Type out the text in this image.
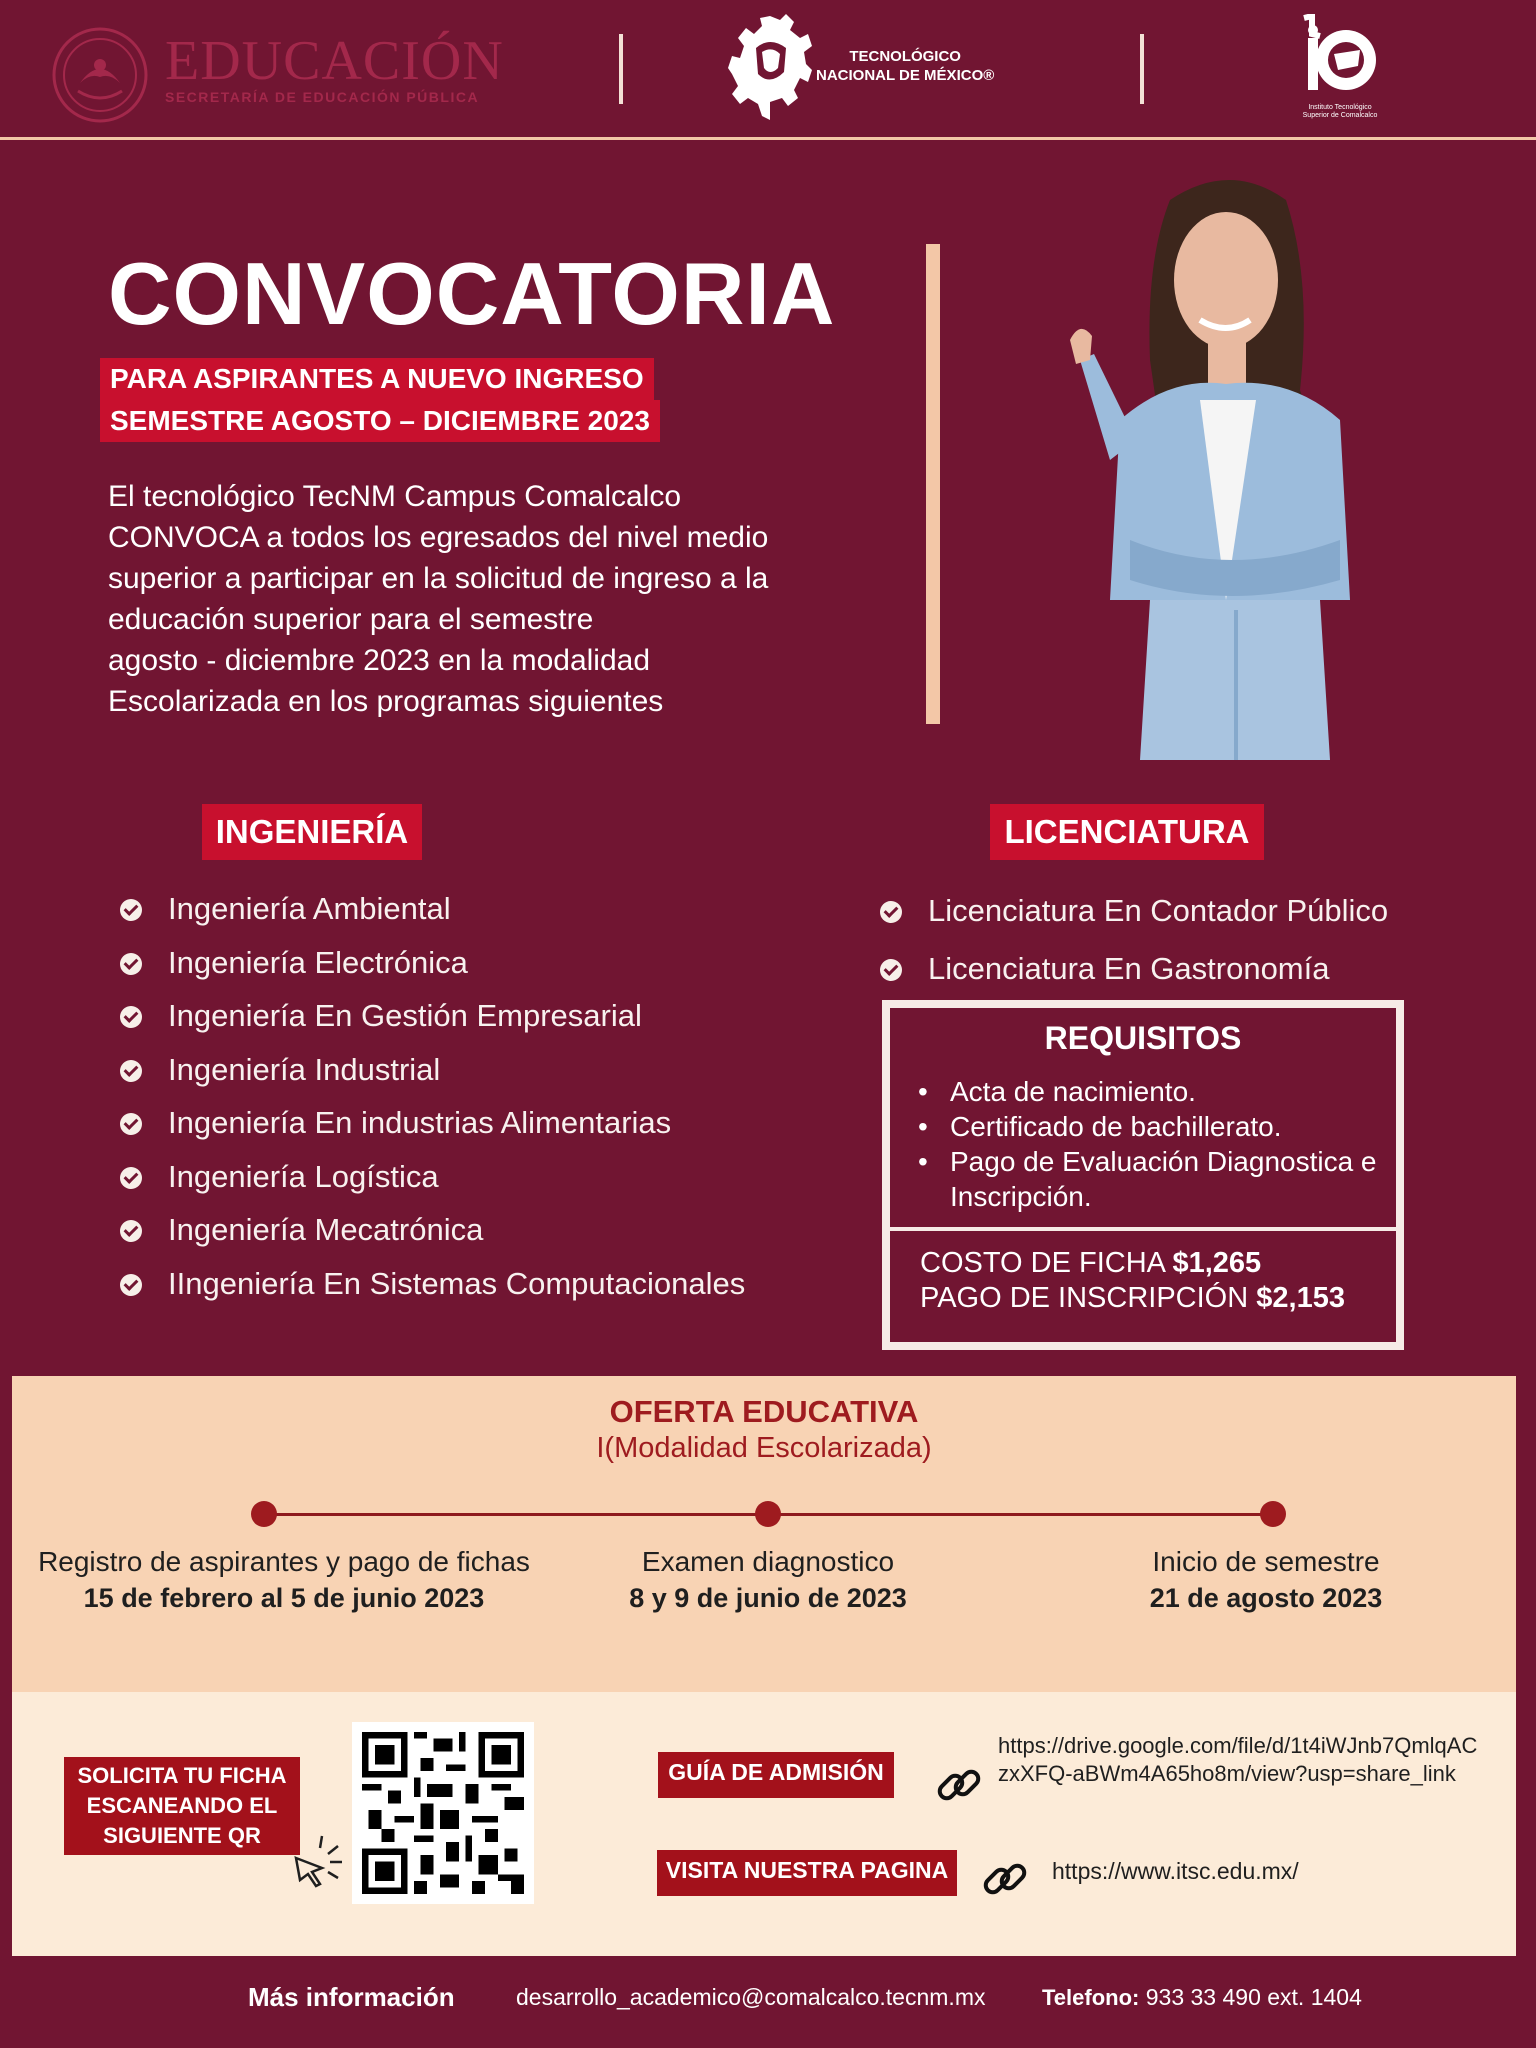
EDUCACIÓN
SECRETARÍA DE EDUCACIÓN PÚBLICA
TECNOLÓGICO
NACIONAL DE MÉXICO®
Instituto Tecnológico
Superior de Comalcalco
CONVOCATORIA
PARA ASPIRANTES A NUEVO INGRESO
SEMESTRE AGOSTO – DICIEMBRE 2023
El tecnológico TecNM Campus Comalcalco
CONVOCA a todos los egresados del nivel medio
superior a participar en la solicitud de ingreso a la
educación superior para el semestre
agosto - diciembre 2023 en la modalidad
Escolarizada en los programas siguientes
INGENIERÍA
Ingeniería Ambiental
Ingeniería Electrónica
Ingeniería En Gestión Empresarial
Ingeniería Industrial
Ingeniería En industrias Alimentarias
Ingeniería Logística
Ingeniería Mecatrónica
IIngeniería En Sistemas Computacionales
LICENCIATURA
Licenciatura En Contador Público
Licenciatura En Gastronomía
REQUISITOS
• Acta de nacimiento.
• Certificado de bachillerato.
• Pago de Evaluación Diagnostica e Inscripción.
COSTO DE FICHA $1,265
PAGO DE INSCRIPCIÓN $2,153
OFERTA EDUCATIVA
I(Modalidad Escolarizada)
Registro de aspirantes y pago de fichas
15 de febrero al 5 de junio 2023
Examen diagnostico
8 y 9 de junio de 2023
Inicio de semestre
21 de agosto 2023
SOLICITA TU FICHA ESCANEANDO EL SIGUIENTE QR
GUÍA DE ADMISIÓN
https://drive.google.com/file/d/1t4iWJnb7QmlqACzxXFQ-aBWm4A65ho8m/view?usp=share_link
VISITA NUESTRA PAGINA	https://www.itsc.edu.mx/
Más información	desarrollo_academico@comalcalco.tecnm.mx	Telefono: 933 33 490 ext. 1404
